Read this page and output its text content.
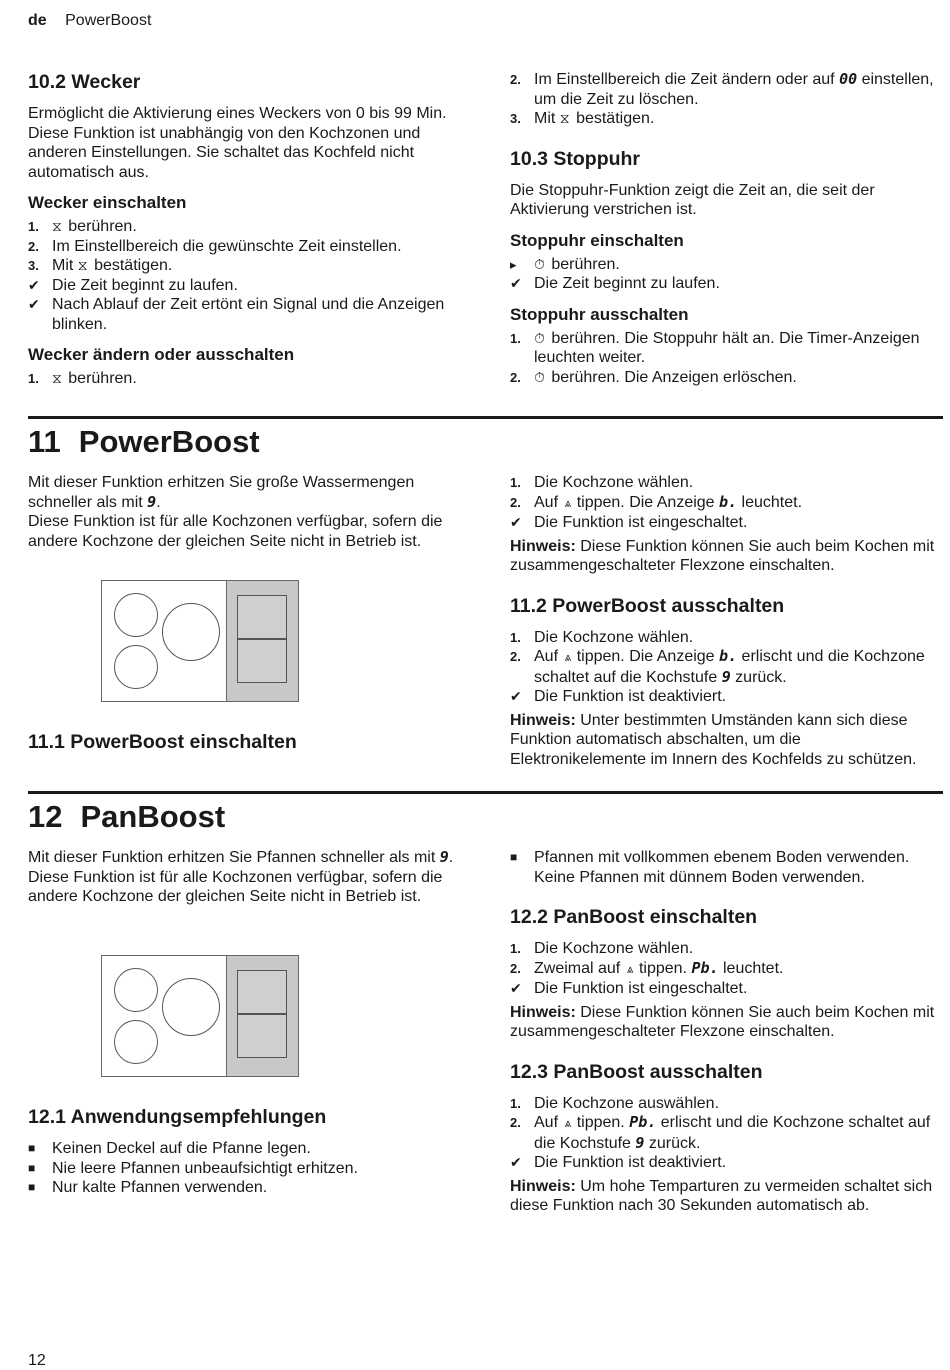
de PowerBoost
10.2 Wecker

Ermöglicht die Aktivierung eines Weckers von 0 bis 99 Min. Diese Funktion ist unabhängig von den Kochzonen und anderen Einstellungen. Sie schaltet das Kochfeld nicht automatisch aus.

Wecker einschalten
1. ⧖ berühren.
2. Im Einstellbereich die gewünschte Zeit einstellen.
3. Mit ⧖ bestätigen.
✔ Die Zeit beginnt zu laufen.
✔ Nach Ablauf der Zeit ertönt ein Signal und die Anzeigen blinken.
Wecker ändern oder ausschalten
1. ⧖ berühren.
2. Im Einstellbereich die Zeit ändern oder auf 00 einstellen, um die Zeit zu löschen.
3. Mit ⧖ bestätigen.
10.3 Stoppuhr

Die Stoppuhr-Funktion zeigt die Zeit an, die seit der Aktivierung verstrichen ist.

Stoppuhr einschalten
▸ ⏱ berühren.
✔ Die Zeit beginnt zu laufen.
Stoppuhr ausschalten
1. ⏱ berühren. Die Stoppuhr hält an. Die Timer-Anzeigen leuchten weiter.
2. ⏱ berühren. Die Anzeigen erlöschen.
11 PowerBoost

Mit dieser Funktion erhitzen Sie große Wassermengen schneller als mit 9.

Diese Funktion ist für alle Kochzonen verfügbar, sofern die andere Kochzone der gleichen Seite nicht in Betrieb ist.

11.1 PowerBoost einschalten
1. Die Kochzone wählen.
2. Auf ⩓ tippen. Die Anzeige b. leuchtet.
✔ Die Funktion ist eingeschaltet.

Hinweis: Diese Funktion können Sie auch beim Kochen mit zusammengeschalteter Flexzone einschalten.

11.2 PowerBoost ausschalten
1. Die Kochzone wählen.
2. Auf ⩓ tippen. Die Anzeige b. erlischt und die Kochzone schaltet auf die Kochstufe 9 zurück.
✔ Die Funktion ist deaktiviert.

Hinweis: Unter bestimmten Umständen kann sich diese Funktion automatisch abschalten, um die Elektronikelemente im Innern des Kochfelds zu schützen.

12 PanBoost

Mit dieser Funktion erhitzen Sie Pfannen schneller als mit 9.

Diese Funktion ist für alle Kochzonen verfügbar, sofern die andere Kochzone der gleichen Seite nicht in Betrieb ist.

12.1 Anwendungsempfehlungen
■ Keinen Deckel auf die Pfanne legen.
■ Nie leere Pfannen unbeaufsichtigt erhitzen.
■ Nur kalte Pfannen verwenden.
■ Pfannen mit vollkommen ebenem Boden verwenden. Keine Pfannen mit dünnem Boden verwenden.
12.2 PanBoost einschalten
1. Die Kochzone wählen.
2. Zweimal auf ⩓ tippen. Pb. leuchtet.
✔ Die Funktion ist eingeschaltet.

Hinweis: Diese Funktion können Sie auch beim Kochen mit zusammengeschalteter Flexzone einschalten.

12.3 PanBoost ausschalten
1. Die Kochzone auswählen.
2. Auf ⩓ tippen. Pb. erlischt und die Kochzone schaltet auf die Kochstufe 9 zurück.
✔ Die Funktion ist deaktiviert.

Hinweis: Um hohe Temparturen zu vermeiden schaltet sich diese Funktion nach 30 Sekunden automatisch ab.

12
